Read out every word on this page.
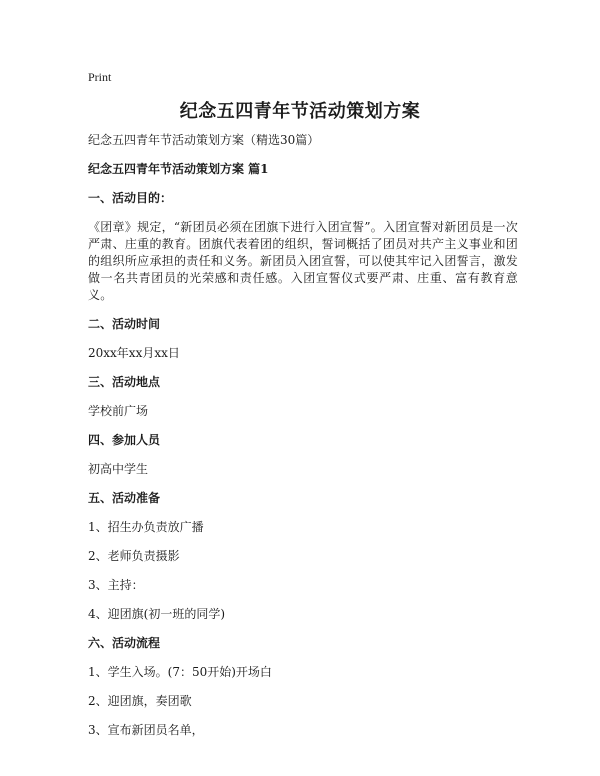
Print
纪念五四青年节活动策划方案

纪念五四青年节活动策划方案（精选30篇）

纪念五四青年节活动策划方案 篇1

一、活动目的：

《团章》规定，“新团员必须在团旗下进行入团宣誓”。入团宣誓对新团员是一次严肃、庄重的教育。团旗代表着团的组织，誓词概括了团员对共产主义事业和团的组织所应承担的责任和义务。新团员入团宣誓，可以使其牢记入团誓言，激发做一名共青团员的光荣感和责任感。入团宣誓仪式要严肃、庄重、富有教育意义。

二、活动时间

20xx年xx月xx日

三、活动地点

学校前广场

四、参加人员

初高中学生

五、活动准备

1、招生办负责放广播

2、老师负责摄影

3、主持：

4、迎团旗(初一班的同学)

六、活动流程

1、学生入场。(7：50开始)开场白

2、迎团旗，奏团歌

3、宣布新团员名单，
